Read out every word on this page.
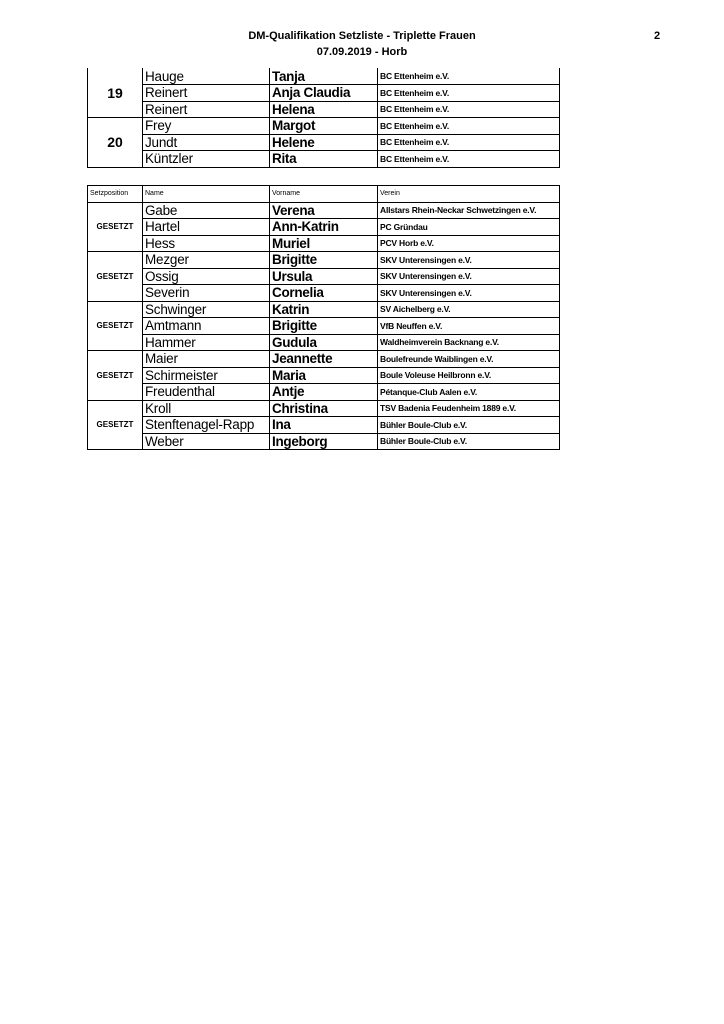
DM-Qualifikation Setzliste - Triplette Frauen
07.09.2019 - Horb
2
19	Hauge	Tanja	BC Ettenheim e.V.
	Reinert	Anja Claudia	BC Ettenheim e.V.
	Reinert	Helena	BC Ettenheim e.V.
20	Frey	Margot	BC Ettenheim e.V.
	Jundt	Helene	BC Ettenheim e.V.
	Küntzler	Rita	BC Ettenheim e.V.
Setzposition	Name	Vorname	Verein
GESETZT	Gabe	Verena	Allstars Rhein-Neckar Schwetzingen e.V.
	Hartel	Ann-Katrin	PC Gründau
	Hess	Muriel	PCV Horb e.V.
GESETZT	Mezger	Brigitte	SKV Unterensingen e.V.
	Ossig	Ursula	SKV Unterensingen e.V.
	Severin	Cornelia	SKV Unterensingen e.V.
GESETZT	Schwinger	Katrin	SV Aichelberg e.V.
	Amtmann	Brigitte	VfB Neuffen e.V.
	Hammer	Gudula	Waldheimverein Backnang e.V.
GESETZT	Maier	Jeannette	Boulefreunde Waiblingen e.V.
	Schirmeister	Maria	Boule Voleuse Heilbronn e.V.
	Freudenthal	Antje	Pétanque-Club Aalen e.V.
GESETZT	Kroll	Christina	TSV Badenia Feudenheim 1889 e.V.
	Stenftenagel-Rapp	Ina	Bühler Boule-Club e.V.
	Weber	Ingeborg	Bühler Boule-Club e.V.
